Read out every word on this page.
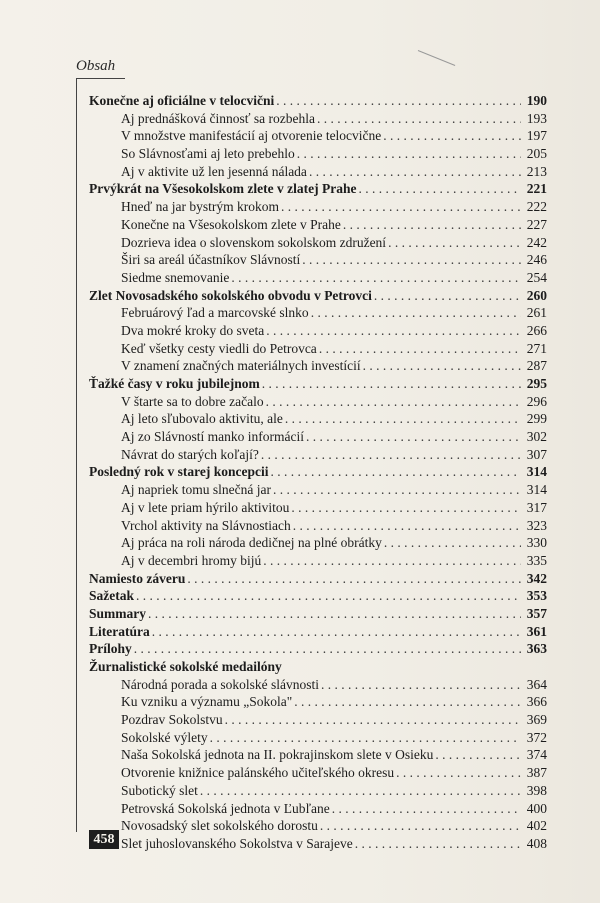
Obsah
Konečne aj oficiálne v telocvični . . .	190
Aj prednášková činnosť sa rozbehla . . .	193
V množstve manifestácií aj otvorenie telocvične . . .	197
So Slávnosťami aj leto prebehlo . . .	205
Aj v aktivite už len jesenná nálada . . .	213
Prvýkrát na Všesokolskom zlete v zlatej Prahe . . .	221
Hneď na jar bystrým krokom . . .	222
Konečne na Všesokolskom zlete v Prahe . . .	227
Dozrieva idea o slovenskom sokolskom združení . . .	242
Širi sa areál účastníkov Slávností . . .	246
Siedme snemovanie . . .	254
Zlet Novosadského sokolského obvodu v Petrovci . . .	260
Februárový ľad a marcovské slnko . . .	261
Dva mokré kroky do sveta . . .	266
Keď všetky cesty viedli do Petrovca . . .	271
V znamení značných materiálnych investícií . . .	287
Ťažké časy v roku jubilejnom . . .	295
V štarte sa to dobre začalo . . .	296
Aj leto sľubovalo aktivitu, ale . . .	299
Aj zo Slávností manko informácií . . .	302
Návrat do starých koľají? . . .	307
Posledný rok v starej koncepcii . . .	314
Aj napriek tomu slnečná jar . . .	314
Aj v lete priam hýrilo aktivitou . . .	317
Vrchol aktivity na Slávnostiach . . .	323
Aj práca na roli národa dedičnej na plné obrátky . . .	330
Aj v decembri hromy bijú . . .	335
Namiesto záveru . . .	342
Sažetak . . .	353
Summary . . .	357
Literatúra . . .	361
Prílohy . . .	363
Žurnalistické sokolské medailóny
Národná porada a sokolské slávnosti . . .	364
Ku vzniku a významu „Sokola" . . .	366
Pozdrav Sokolstvu . . .	369
Sokolské výlety . . .	372
Naša Sokolská jednota na II. pokrajinskom slete v Osieku . . .	374
Otvorenie knižnice palánského učiteľského okresu . . .	387
Subotický slet . . .	398
Petrovská Sokolská jednota v Ľubľane . . .	400
Novosadský slet sokolského dorostu . . .	402
Slet juhoslovanského Sokolstva v Sarajeve . . .	408
458
